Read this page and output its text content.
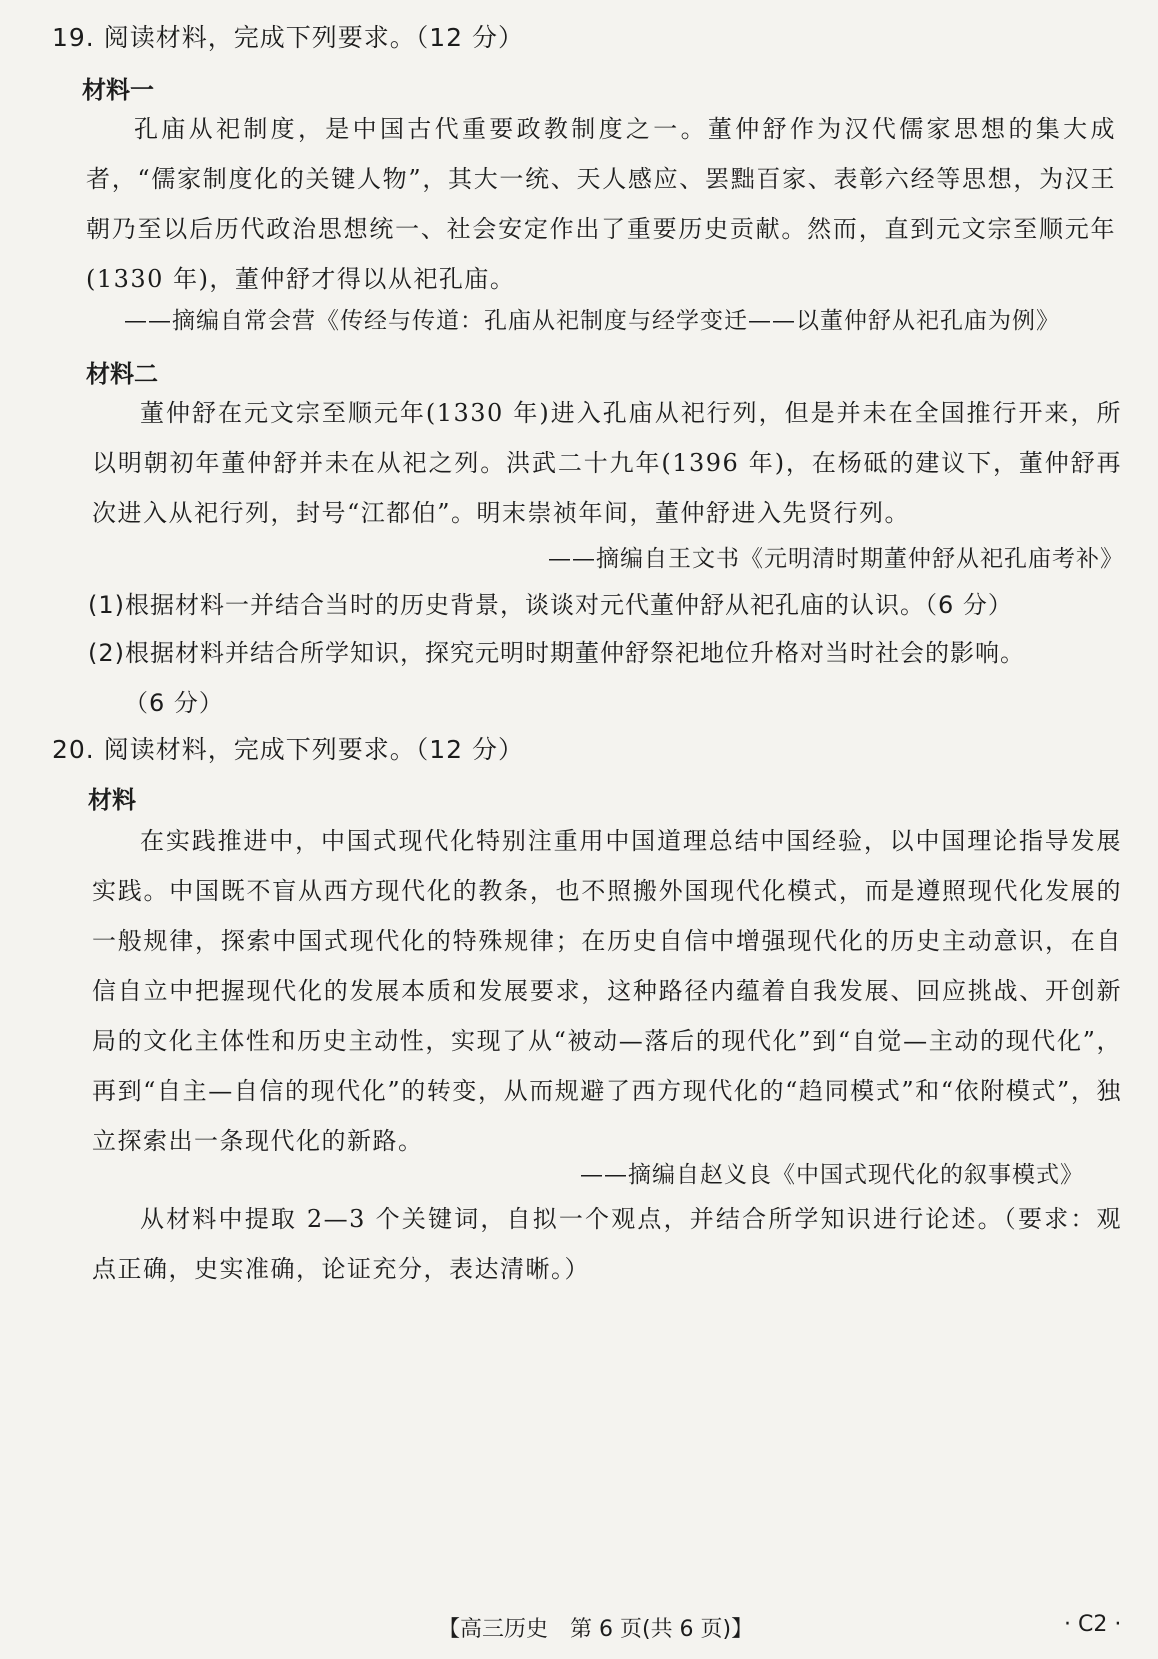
19. 阅读材料，完成下列要求。（12 分）
材料一
孔庙从祀制度，是中国古代重要政教制度之一。董仲舒作为汉代儒家思想的集大成者，“儒家制度化的关键人物”，其大一统、天人感应、罢黜百家、表彰六经等思想，为汉王朝乃至以后历代政治思想统一、社会安定作出了重要历史贡献。然而，直到元文宗至顺元年(1330 年)，董仲舒才得以从祀孔庙。
——摘编自常会营《传经与传道：孔庙从祀制度与经学变迁——以董仲舒从祀孔庙为例》
材料二
董仲舒在元文宗至顺元年(1330 年)进入孔庙从祀行列，但是并未在全国推行开来，所以明朝初年董仲舒并未在从祀之列。洪武二十九年(1396 年)，在杨砥的建议下，董仲舒再次进入从祀行列，封号“江都伯”。明末崇祯年间，董仲舒进入先贤行列。
——摘编自王文书《元明清时期董仲舒从祀孔庙考补》
(1)根据材料一并结合当时的历史背景，谈谈对元代董仲舒从祀孔庙的认识。（6 分）
(2)根据材料并结合所学知识，探究元明时期董仲舒祭祀地位升格对当时社会的影响。
（6 分）
20. 阅读材料，完成下列要求。（12 分）
材料
在实践推进中，中国式现代化特别注重用中国道理总结中国经验，以中国理论指导发展实践。中国既不盲从西方现代化的教条，也不照搬外国现代化模式，而是遵照现代化发展的一般规律，探索中国式现代化的特殊规律；在历史自信中增强现代化的历史主动意识，在自信自立中把握现代化的发展本质和发展要求，这种路径内蕴着自我发展、回应挑战、开创新局的文化主体性和历史主动性，实现了从“被动—落后的现代化”到“自觉—主动的现代化”，再到“自主—自信的现代化”的转变，从而规避了西方现代化的“趋同模式”和“依附模式”，独立探索出一条现代化的新路。
——摘编自赵义良《中国式现代化的叙事模式》
从材料中提取 2—3 个关键词，自拟一个观点，并结合所学知识进行论述。（要求：观点正确，史实准确，论证充分，表达清晰。）
【高三历史　第 6 页(共 6 页)】	· C2 ·
